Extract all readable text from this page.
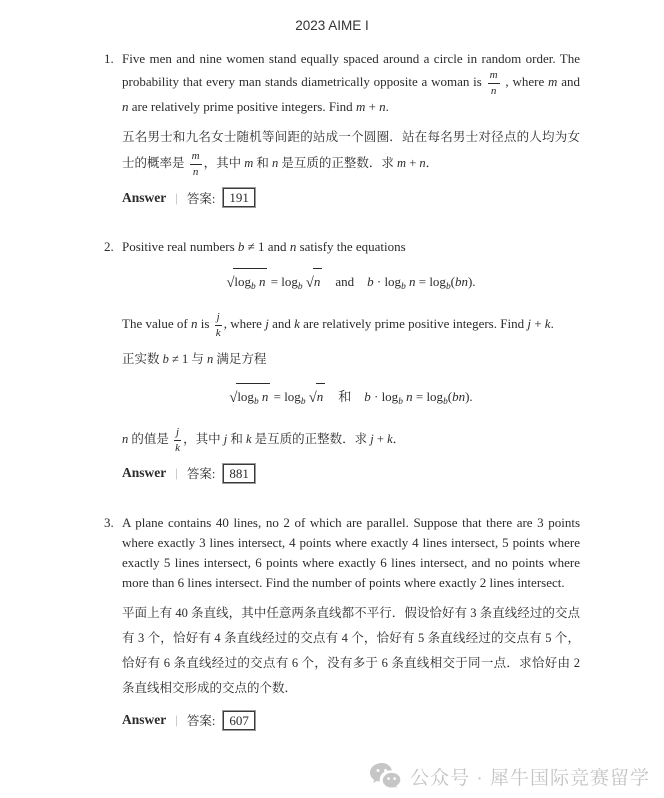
2023 AIME I
1. Five men and nine women stand equally spaced around a circle in random order. The probability that every man stands diametrically opposite a woman is $\frac{m}{n}$ , where m and n are relatively prime positive integers. Find m + n.
五名男士和九名女士随机等间距的站成一个圆圈．站在每名男士对径点的人均为女士的概率是 $\frac{m}{n}$ ，其中 m 和 n 是互质的正整数．求 m + n．
Answer | 答案:	191
2. Positive real numbers b ≠ 1 and n satisfy the equations
$√\log_b$ $n = \log_b √n$ and $b \cdot \log_b n = \log_b(bn)$.
The value of n is $\frac{j}{k}$ , where j and k are relatively prime positive integers. Find j + k.
正实数 b ≠ 1 与 n 满足方程
$√\log_b$ $n = \log_b √n$ 和 $b \cdot \log_b n = \log_b(bn)$.
n 的值是 $\frac{j}{k}$ ，其中 j 和 k 是互质的正整数．求 j + k．
Answer | 答案:	881
3. A plane contains 40 lines, no 2 of which are parallel. Suppose that there are 3 points where exactly 3 lines intersect, 4 points where exactly 4 lines intersect, 5 points where exactly 5 lines intersect, 6 points where exactly 6 lines intersect, and no points where more than 6 lines intersect. Find the number of points where exactly 2 lines intersect.
平面上有 40 条直线，其中任意两条直线都不平行．假设恰好有 3 条直线经过的交点有 3 个，恰好有 4 条直线经过的交点有 4 个，恰好有 5 条直线经过的交点有 5 个，恰好有 6 条直线经过的交点有 6 个，没有多于 6 条直线相交于同一点．求恰好由 2 条直线相交形成的交点的个数．
Answer | 答案:	607
公众号 · 犀牛国际竞赛留学
